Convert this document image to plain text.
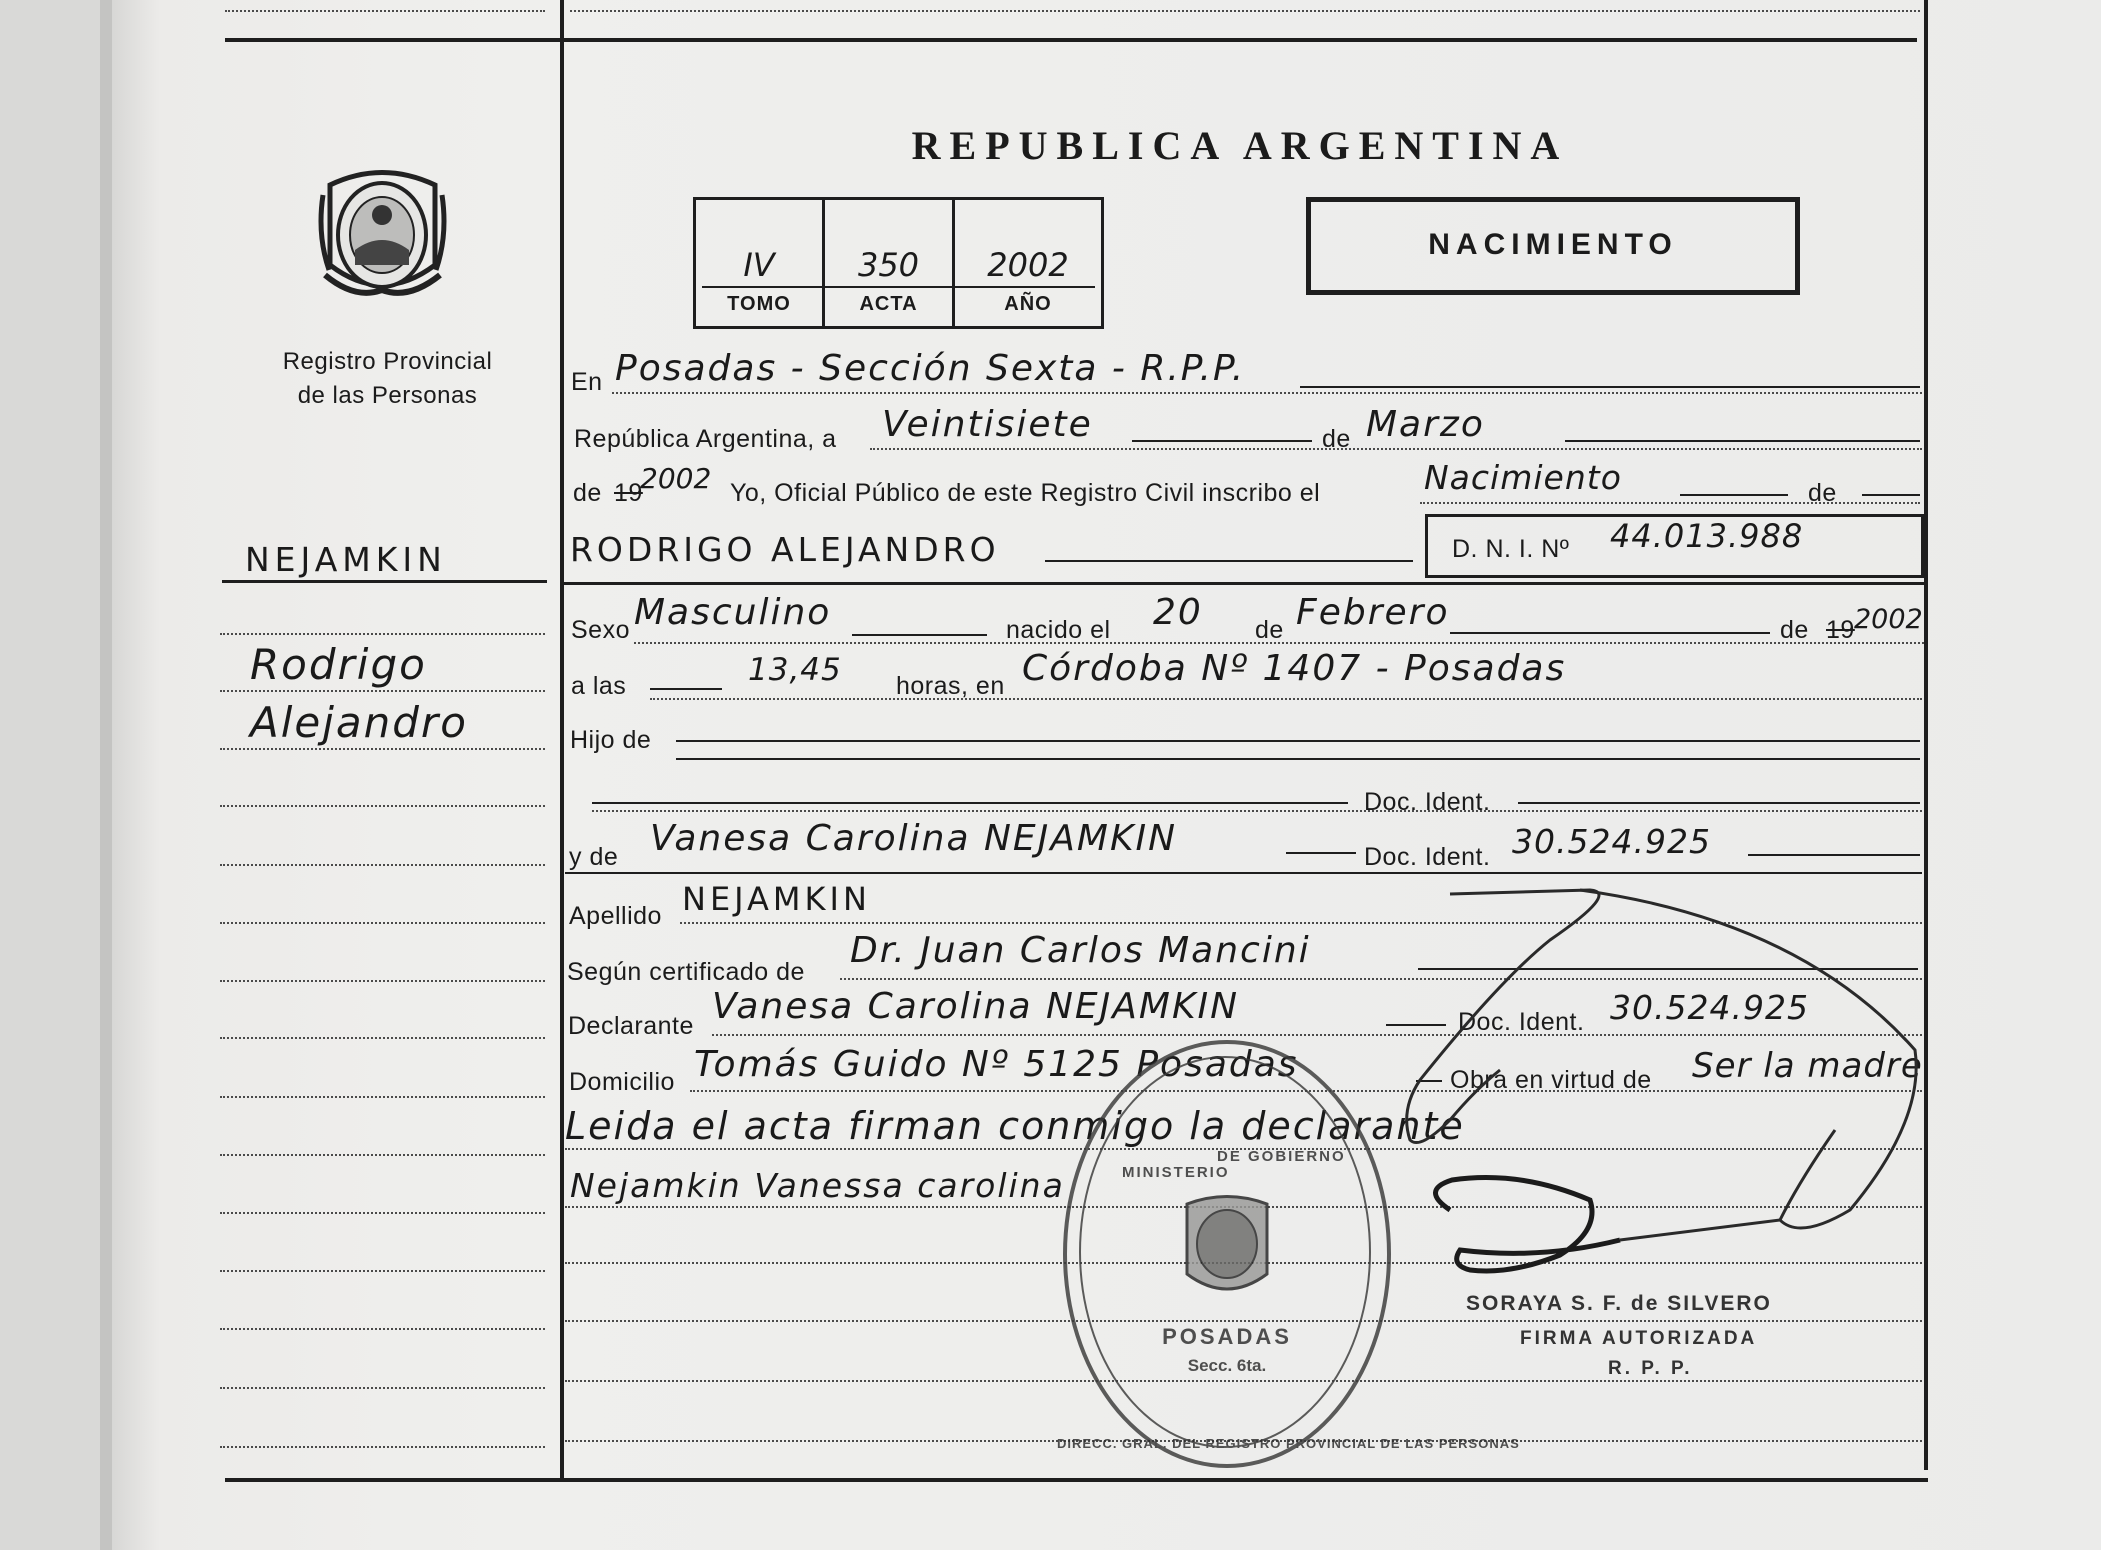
Registro Provincial
de las Personas
NEJAMKIN
Rodrigo
Alejandro
REPUBLICA ARGENTINA
IV	350	2002
TOMO	ACTA	AÑO
NACIMIENTO
En Posadas - Sección Sexta - R.P.P.
República Argentina, a Veintisiete	de Marzo
de 19
2002 Yo, Oficial Público de este Registro Civil inscribo el	Nacimiento	de
RODRIGO ALEJANDRO	D. N. I. Nº 44.013.988
Sexo Masculino	nacido el 20 de Febrero	de 19 2002
a las	13,45 horas, en Córdoba Nº 1407 - Posadas
Hijo de
Doc. Ident.
y de Vanesa Carolina NEJAMKIN	Doc. Ident. 30.524.925
Apellido NEJAMKIN
Según certificado de
Dr. Juan Carlos Mancini
Declarante Vanesa Carolina NEJAMKIN	Doc. Ident. 30.524.925
Domicilio Tomás Guido Nº 5125 Posadas	Obra en virtud de Ser la madre
Leida el acta firman conmigo la declarante
Nejamkin Vanessa carolina
SORAYA S. F. de SILVERO
FIRMA AUTORIZADA
R. P. P.
POSADAS
Secc. 6ta.
DIRECC. GRAL. DEL REGISTRO PROVINCIAL DE LAS PERSONAS
MINISTERIO
DE GOBIERNO
